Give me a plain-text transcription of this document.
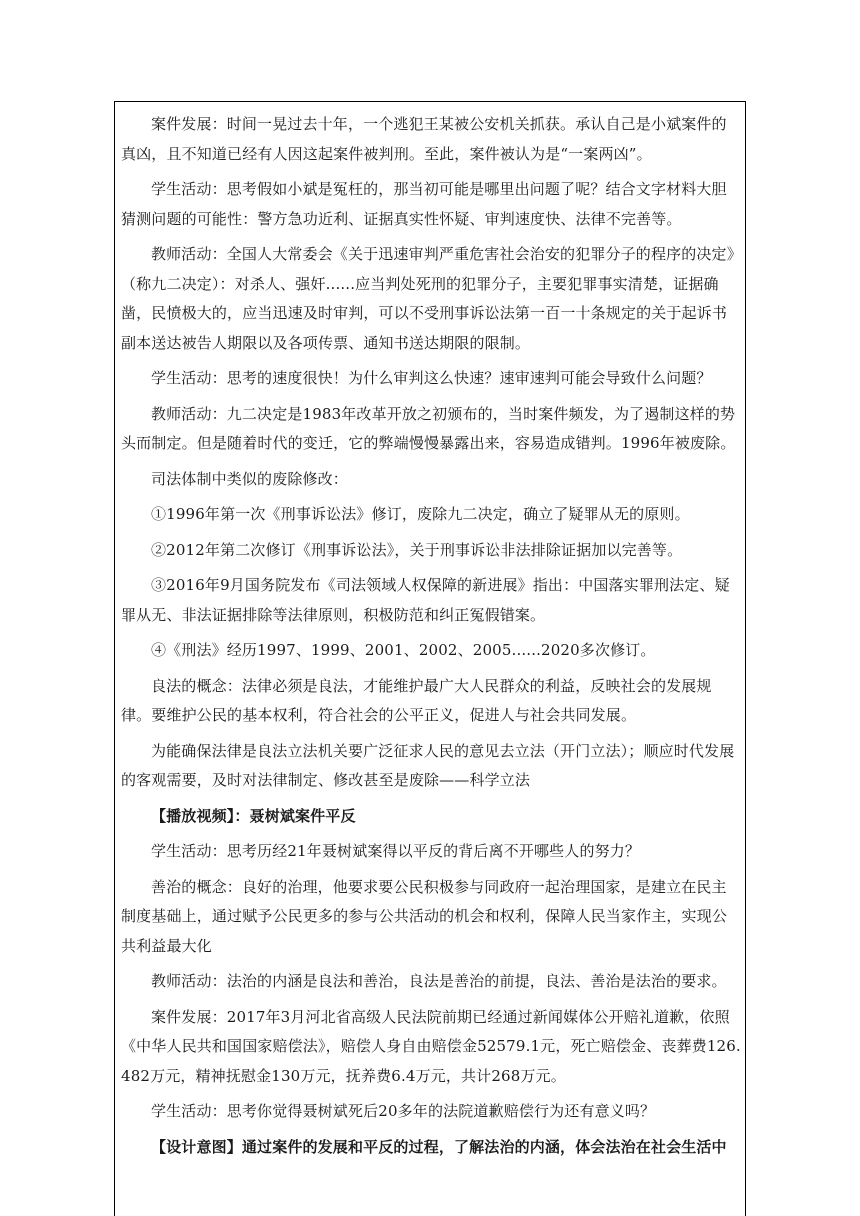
案件发展：时间一晃过去十年，一个逃犯王某被公安机关抓获。承认自己是小斌案件的真凶，且不知道已经有人因这起案件被判刑。至此，案件被认为是“一案两凶”。

学生活动：思考假如小斌是冤枉的，那当初可能是哪里出问题了呢？结合文字材料大胆猜测问题的可能性：警方急功近利、证据真实性怀疑、审判速度快、法律不完善等。

教师活动：全国人大常委会《关于迅速审判严重危害社会治安的犯罪分子的程序的决定》（称九二决定）：对杀人、强奸......应当判处死刑的犯罪分子，主要犯罪事实清楚，证据确凿，民愤极大的，应当迅速及时审判，可以不受刑事诉讼法第一百一十条规定的关于起诉书副本送达被告人期限以及各项传票、通知书送达期限的限制。

学生活动：思考的速度很快！为什么审判这么快速？速审速判可能会导致什么问题？

教师活动：九二决定是1983年改革开放之初颁布的，当时案件频发，为了遏制这样的势头而制定。但是随着时代的变迁，它的弊端慢慢暴露出来，容易造成错判。1996年被废除。

司法体制中类似的废除修改：

①1996年第一次《刑事诉讼法》修订，废除九二决定，确立了疑罪从无的原则。

②2012年第二次修订《刑事诉讼法》，关于刑事诉讼非法排除证据加以完善等。

③2016年9月国务院发布《司法领域人权保障的新进展》指出：中国落实罪刑法定、疑罪从无、非法证据排除等法律原则，积极防范和纠正冤假错案。

④《刑法》经历1997、1999、2001、2002、2005......2020多次修订。

良法的概念：法律必须是良法，才能维护最广大人民群众的利益，反映社会的发展规律。要维护公民的基本权利，符合社会的公平正义，促进人与社会共同发展。

为能确保法律是良法立法机关要广泛征求人民的意见去立法（开门立法）；顺应时代发展的客观需要，及时对法律制定、修改甚至是废除——科学立法

【播放视频】：聂树斌案件平反

学生活动：思考历经21年聂树斌案得以平反的背后离不开哪些人的努力？

善治的概念：良好的治理，他要求要公民积极参与同政府一起治理国家，是建立在民主制度基础上，通过赋予公民更多的参与公共活动的机会和权利，保障人民当家作主，实现公共利益最大化

教师活动：法治的内涵是良法和善治，良法是善治的前提，良法、善治是法治的要求。

案件发展：2017年3月河北省高级人民法院前期已经通过新闻媒体公开赔礼道歉，依照《中华人民共和国国家赔偿法》，赔偿人身自由赔偿金52579.1元，死亡赔偿金、丧葬费126.482万元，精神抚慰金130万元，抚养费6.4万元，共计268万元。

学生活动：思考你觉得聂树斌死后20多年的法院道歉赔偿行为还有意义吗？

【设计意图】通过案件的发展和平反的过程，了解法治的内涵，体会法治在社会生活中
